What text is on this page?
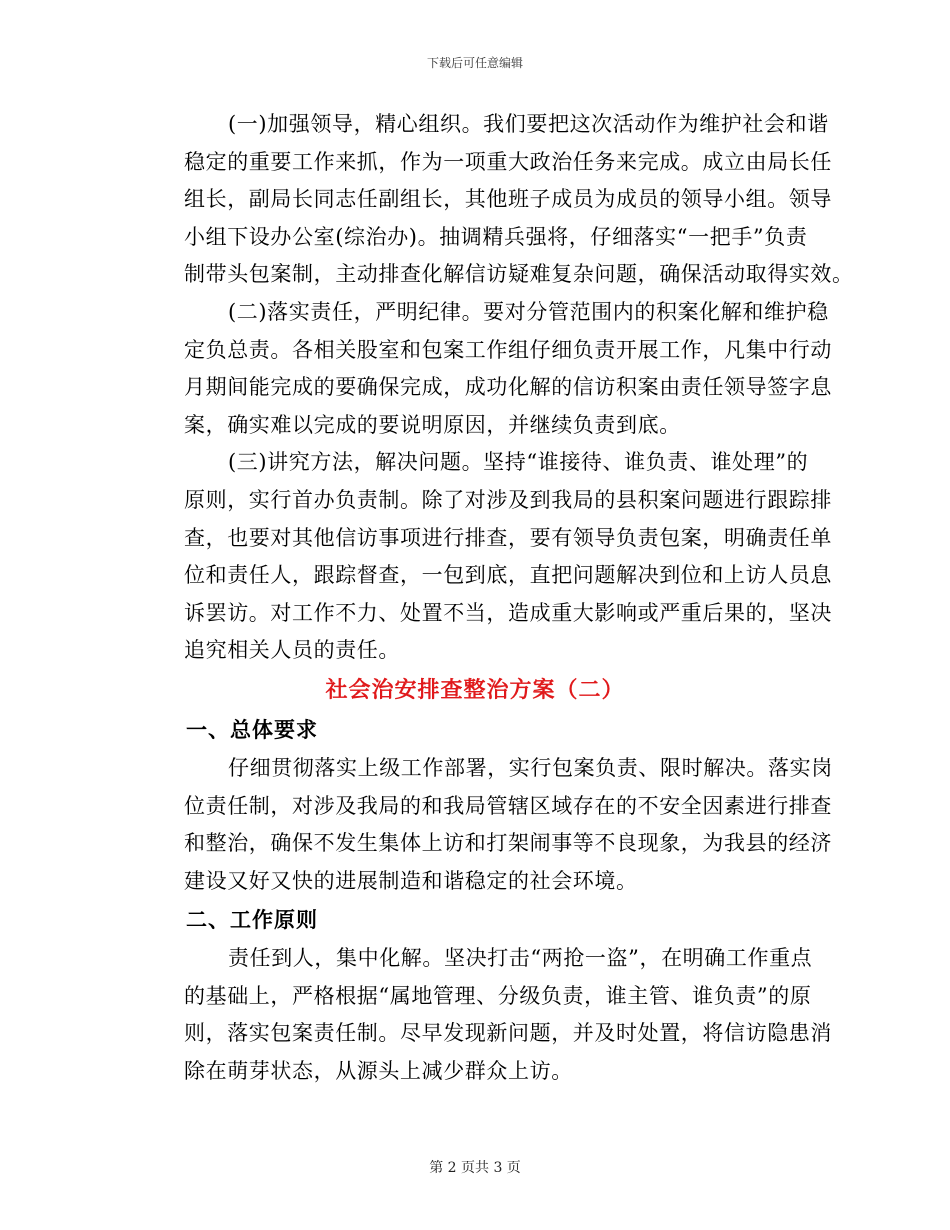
下载后可任意编辑
(一)加强领导，精心组织。我们要把这次活动作为维护社会和谐
稳定的重要工作来抓，作为一项重大政治任务来完成。成立由局长任
组长，副局长同志任副组长，其他班子成员为成员的领导小组。领导
小组下设办公室(综治办)。抽调精兵强将，仔细落实“一把手”负责
制带头包案制，主动排查化解信访疑难复杂问题，确保活动取得实效。
(二)落实责任，严明纪律。要对分管范围内的积案化解和维护稳
定负总责。各相关股室和包案工作组仔细负责开展工作，凡集中行动
月期间能完成的要确保完成，成功化解的信访积案由责任领导签字息
案，确实难以完成的要说明原因，并继续负责到底。
(三)讲究方法，解决问题。坚持“谁接待、谁负责、谁处理”的
原则，实行首办负责制。除了对涉及到我局的县积案问题进行跟踪排
查，也要对其他信访事项进行排查，要有领导负责包案，明确责任单
位和责任人，跟踪督查，一包到底，直把问题解决到位和上访人员息
诉罢访。对工作不力、处置不当，造成重大影响或严重后果的，坚决
追究相关人员的责任。
社会治安排查整治方案（二）
一、总体要求
仔细贯彻落实上级工作部署，实行包案负责、限时解决。落实岗
位责任制，对涉及我局的和我局管辖区域存在的不安全因素进行排查
和整治，确保不发生集体上访和打架闹事等不良现象，为我县的经济
建设又好又快的进展制造和谐稳定的社会环境。
二、工作原则
责任到人，集中化解。坚决打击“两抢一盗”，在明确工作重点
的基础上，严格根据“属地管理、分级负责，谁主管、谁负责”的原
则，落实包案责任制。尽早发现新问题，并及时处置，将信访隐患消
除在萌芽状态，从源头上减少群众上访。
第 2 页共 3 页
